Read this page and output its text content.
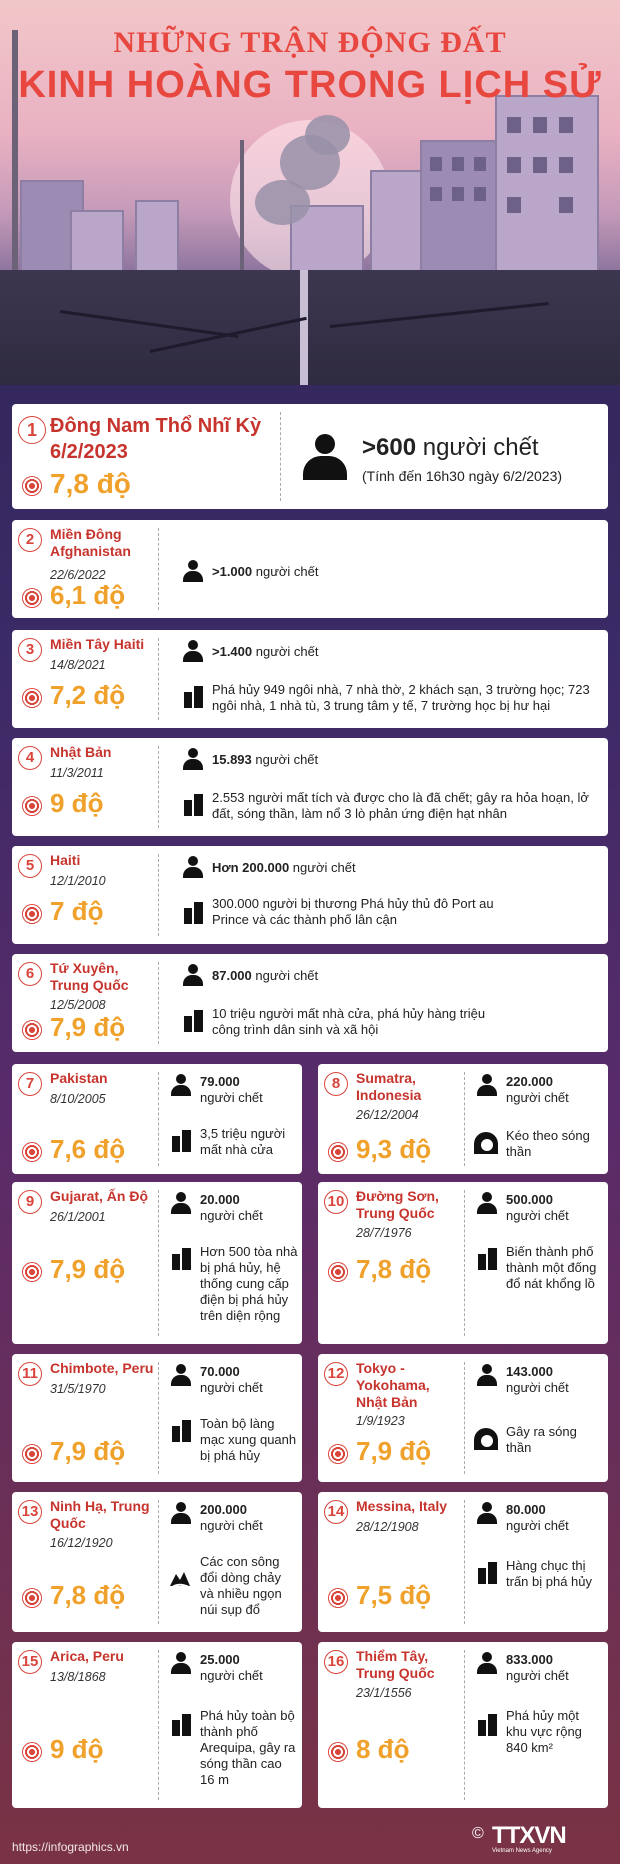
NHỮNG TRẬN ĐỘNG ĐẤT
KINH HOÀNG TRONG LỊCH SỬ
1 Đông Nam Thổ Nhĩ Kỳ
6/2/2023
7,8 độ
>600 người chết
(Tính đến 16h30 ngày 6/2/2023)
2	Miền Đông Afghanistan
22/6/2022
6,1 độ
>1.000 người chết
3	Miền Tây Haiti
14/8/2021
7,2 độ
>1.400 người chết
Phá hủy 949 ngôi nhà, 7 nhà thờ, 2 khách sạn, 3 trường học; 723 ngôi nhà, 1 nhà tù, 3 trung tâm y tế, 7 trường học bị hư hại
4	Nhật Bản
11/3/2011
9 độ
15.893 người chết
2.553 người mất tích và được cho là đã chết; gây ra hỏa hoạn, lở đất, sóng thần, làm nổ 3 lò phản ứng điện hạt nhân
5	Haiti
12/1/2010
7 độ
Hơn 200.000 người chết
300.000 người bị thương Phá hủy thủ đô Port au Prince và các thành phố lân cận
6	Tứ Xuyên, Trung Quốc
12/5/2008
7,9 độ
87.000 người chết
10 triệu người mất nhà cửa, phá hủy hàng triệu công trình dân sinh và xã hội
7	Pakistan
8/10/2005
7,6 độ
79.000
người chết
3,5 triệu người mất nhà cửa
8	Sumatra, Indonesia
26/12/2004
9,3 độ
220.000
người chết
Kéo theo sóng thần
9	Gujarat, Ấn Độ
26/1/2001
7,9 độ
20.000
người chết
Hơn 500 tòa nhà bị phá hủy, hệ thống cung cấp điện bị phá hủy trên diện rộng
10 Đường Sơn, Trung Quốc
28/7/1976
7,8 độ
500.000
người chết
Biến thành phố thành một đống đổ nát khổng lồ
11 Chimbote, Peru
31/5/1970
7,9 độ
70.000
người chết
Toàn bộ làng mạc xung quanh bị phá hủy
12 Tokyo - Yokohama, Nhật Bản
1/9/1923
7,9 độ
143.000
người chết
Gây ra sóng thần
13 Ninh Hạ, Trung Quốc
16/12/1920
7,8 độ
200.000
người chết
Các con sông đổi dòng chảy và nhiều ngọn núi sụp đổ
14 Messina, Italy
28/12/1908
7,5 độ
80.000
người chết
Hàng chục thị trấn bị phá hủy
15 Arica, Peru
13/8/1868
9 độ
25.000
người chết
Phá hủy toàn bộ thành phố Arequipa, gây ra sóng thần cao 16 m
16 Thiểm Tây, Trung Quốc
23/1/1556
8 độ
833.000
người chết
Phá hủy một khu vực rộng 840 km²
https://infographics.vn
© TTXVN
Vietnam News Agency
